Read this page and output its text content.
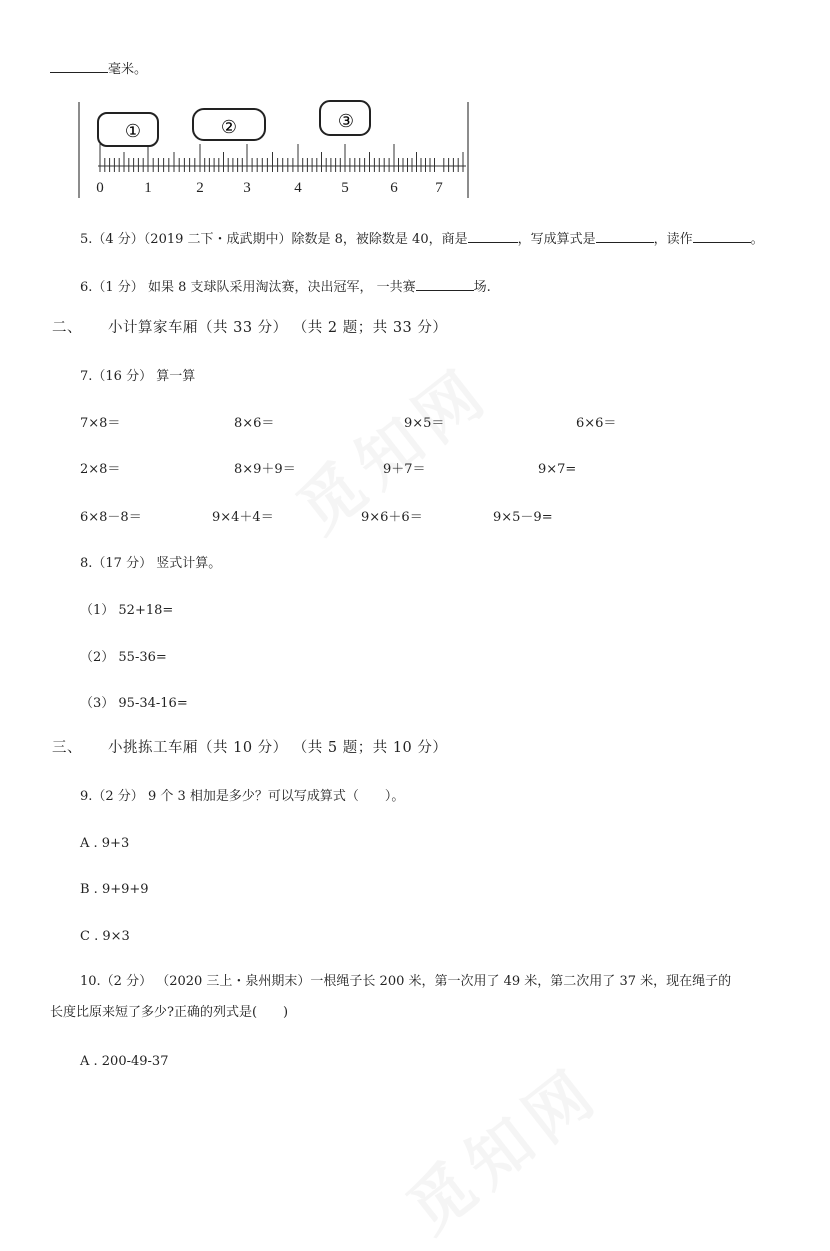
毫米。
0	1	2	3	4	5	6	7
①	②	③
5.（4 分）（2019 二下・成武期中）除数是 8，被除数是 40，商是	，写成算式是	，读作	。
6.（1 分） 如果 8 支球队采用淘汰赛，决出冠军， 一共赛	场.
二、 小计算家车厢（共 33 分） （共 2 题；共 33 分）
7.（16 分） 算一算
7×8＝	8×6＝	9×5＝	6×6＝
2×8＝	8×9＋9＝	9＋7＝	9×7=
6×8－8＝	9×4＋4＝	9×6＋6＝	9×5－9=
8.（17 分） 竖式计算。
（1） 52+18=
（2） 55-36=
（3） 95-34-16=
三、 小挑拣工车厢（共 10 分） （共 5 题；共 10 分）
9.（2 分） 9 个 3 相加是多少？可以写成算式（　　）。
A . 9+3
B . 9+9+9
C . 9×3
10.（2 分） （2020 三上・泉州期末）一根绳子长 200 米，第一次用了 49 米，第二次用了 37 米，现在绳子的
长度比原来短了多少?正确的列式是(　　)
A . 200-49-37
